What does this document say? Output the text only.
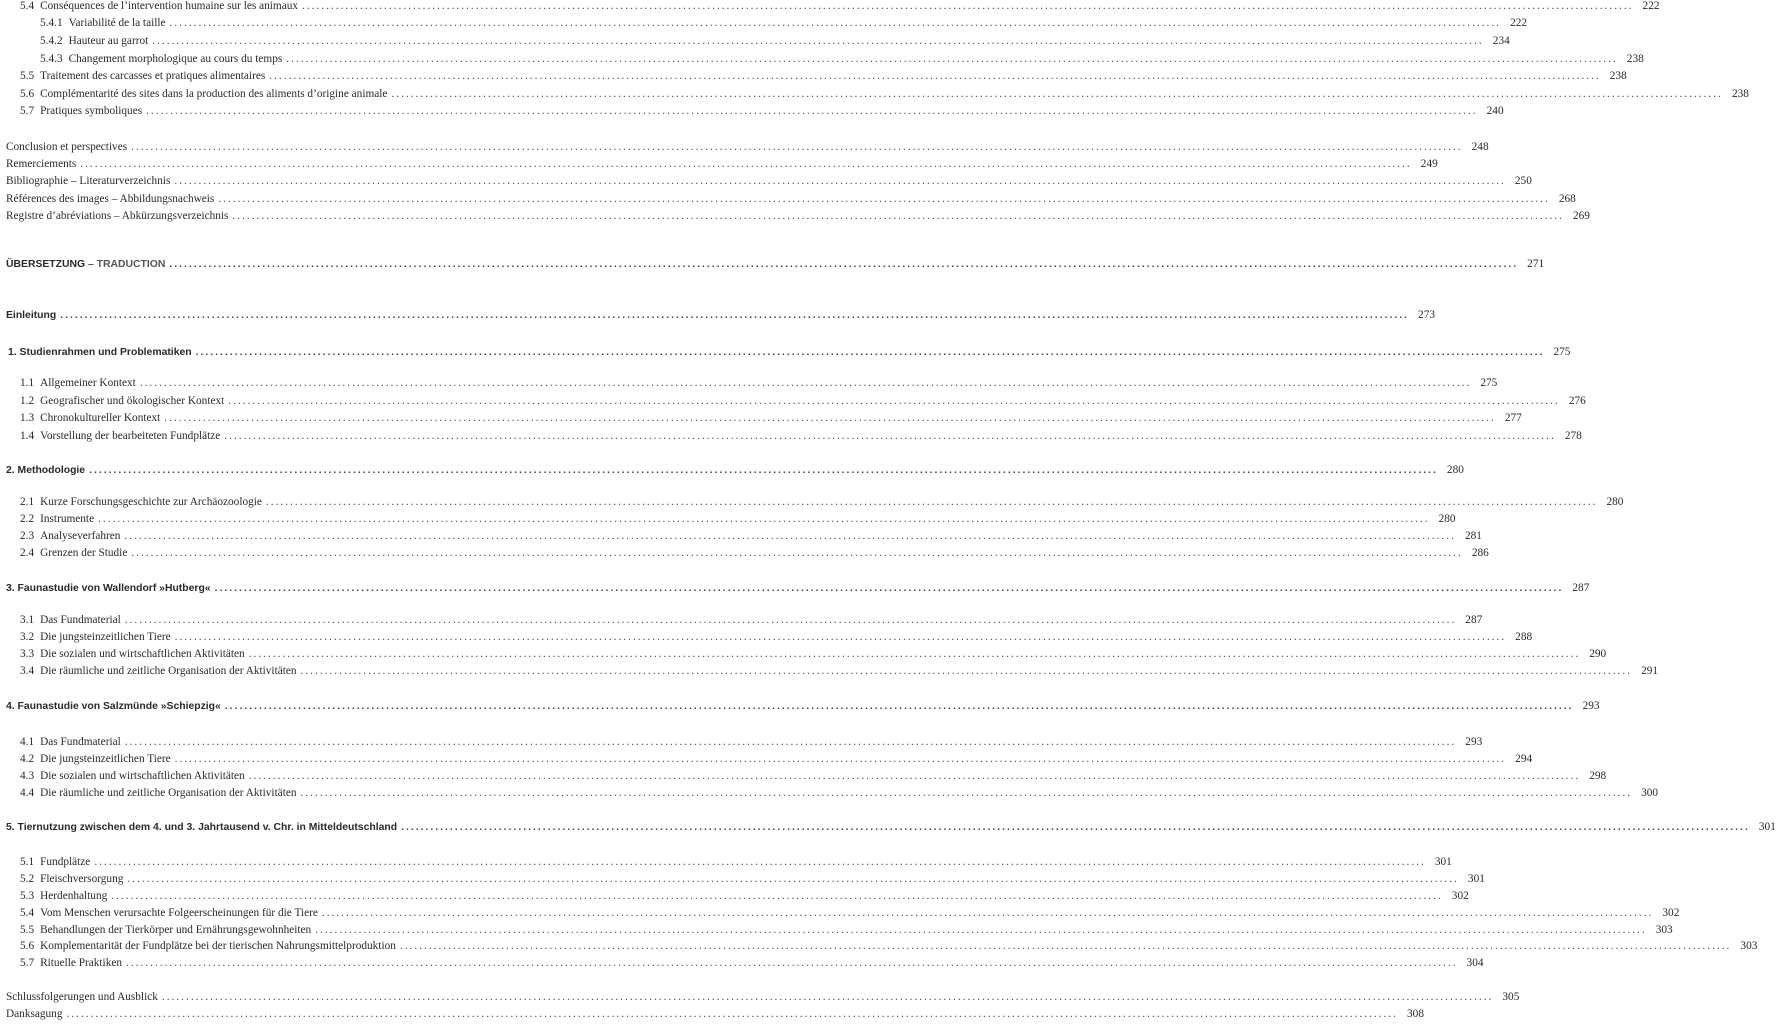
5.4 Conséquences de l’intervention humaine sur les animaux .....	222
5.4.1 Variabilité de la taille .....	222
5.4.2 Hauteur au garrot .....	234
5.4.3 Changement morphologique au cours du temps .....	238
5.5 Traitement des carcasses et pratiques alimentaires .....	238
5.6 Complémentarité des sites dans la production des aliments d’origine animale .....	238
5.7 Pratiques symboliques .....	240
Conclusion et perspectives .....	248
Remerciements .....	249
Bibliographie – Literaturverzeichnis .....	250
Références des images – Abbildungsnachweis .....	268
Registre d’abréviations – Abkürzungsverzeichnis .....	269
ÜBERSETZUNG – TRADUCTION .....	271
Einleitung .....	273
1. Studienrahmen und Problematiken .....	275
1.1 Allgemeiner Kontext .....	275
1.2 Geografischer und ökologischer Kontext .....	276
1.3 Chronokultureller Kontext .....	277
1.4 Vorstellung der bearbeiteten Fundplätze .....	278
2. Methodologie .....	280
2.1 Kurze Forschungsgeschichte zur Archäozoologie .....	280
2.2 Instrumente .....	280
2.3 Analyseverfahren .....	281
2.4 Grenzen der Studie .....	286
3. Faunastudie von Wallendorf »Hutberg« .....	287
3.1 Das Fundmaterial .....	287
3.2 Die jungsteinzeitlichen Tiere .....	288
3.3 Die sozialen und wirtschaftlichen Aktivitäten .....	290
3.4 Die räumliche und zeitliche Organisation der Aktivitäten .....	291
4. Faunastudie von Salzmünde »Schiepzig« .....	293
4.1 Das Fundmaterial .....	293
4.2 Die jungsteinzeitlichen Tiere .....	294
4.3 Die sozialen und wirtschaftlichen Aktivitäten .....	298
4.4 Die räumliche und zeitliche Organisation der Aktivitäten .....	300
5. Tiernutzung zwischen dem 4. und 3. Jahrtausend v. Chr. in Mitteldeutschland .....	301
5.1 Fundplätze .....	301
5.2 Fleischversorgung .....	301
5.3 Herdenhaltung .....	302
5.4 Vom Menschen verursachte Folgeerscheinungen für die Tiere .....	302
5.5 Behandlungen der Tierkörper und Ernährungsgewohnheiten .....	303
5.6 Komplementarität der Fundplätze bei der tierischen Nahrungsmittelproduktion .....	303
5.7 Rituelle Praktiken .....	304
Schlussfolgerungen und Ausblick .....	305
Danksagung .....	308
